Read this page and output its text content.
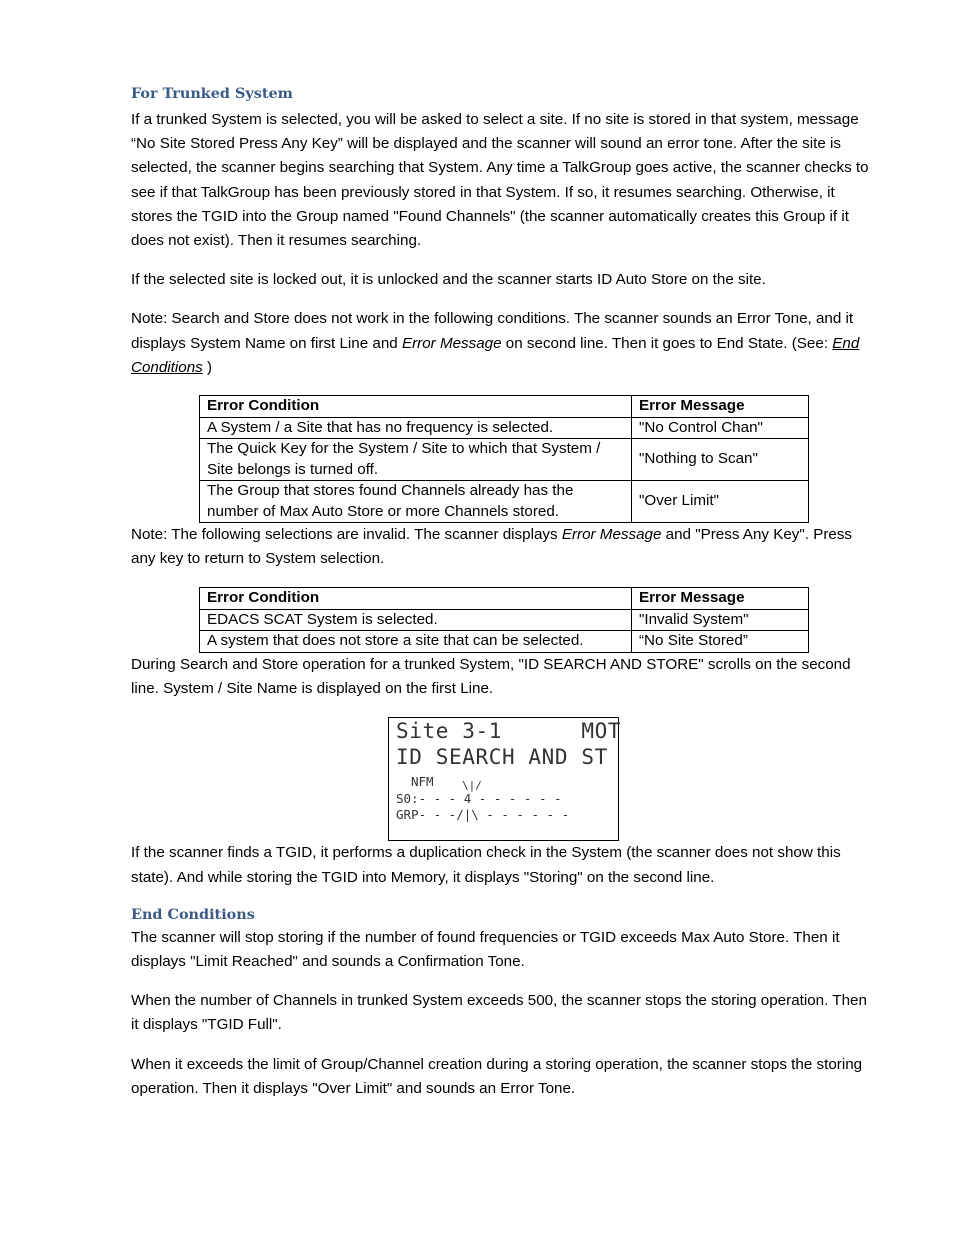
For Trunked System

If a trunked System is selected, you will be asked to select a site. If no site is stored in that system, message “No Site Stored Press Any Key” will be displayed and the scanner will sound an error tone. After the site is selected, the scanner begins searching that System. Any time a TalkGroup goes active, the scanner checks to see if that TalkGroup has been previously stored in that System. If so, it resumes searching. Otherwise, it stores the TGID into the Group named "Found Channels" (the scanner automatically creates this Group if it does not exist). Then it resumes searching.

If the selected site is locked out, it is unlocked and the scanner starts ID Auto Store on the site.

Note: Search and Store does not work in the following conditions. The scanner sounds an Error Tone, and it displays System Name on first Line and Error Message on second line. Then it goes to End State. (See: End Conditions )

Error Condition	Error Message
A System / a Site that has no frequency is selected.	"No Control Chan"
The Quick Key for the System / Site to which that System / Site belongs is turned off.	"Nothing to Scan"
The Group that stores found Channels already has the number of Max Auto Store or more Channels stored.	"Over Limit"

Note: The following selections are invalid. The scanner displays Error Message and "Press Any Key". Press any key to return to System selection.

Error Condition	Error Message
EDACS SCAT System is selected.	"Invalid System"
A system that does not store a site that can be selected.	“No Site Stored”

During Search and Store operation for a trunked System, "ID SEARCH AND STORE" scrolls on the second line. System / Site Name is displayed on the first Line.

Site 3-1      MOT
ID SEARCH AND ST
NFM	\|/
S0:- - - 4 - - - - - -
GRP- - -/|\ - - - - - -

If the scanner finds a TGID, it performs a duplication check in the System (the scanner does not show this state). And while storing the TGID into Memory, it displays "Storing" on the second line.

End Conditions

The scanner will stop storing if the number of found frequencies or TGID exceeds Max Auto Store. Then it displays "Limit Reached" and sounds a Confirmation Tone.

When the number of Channels in trunked System exceeds 500, the scanner stops the storing operation. Then it displays "TGID Full".

When it exceeds the limit of Group/Channel creation during a storing operation, the scanner stops the storing operation. Then it displays "Over Limit" and sounds an Error Tone.
